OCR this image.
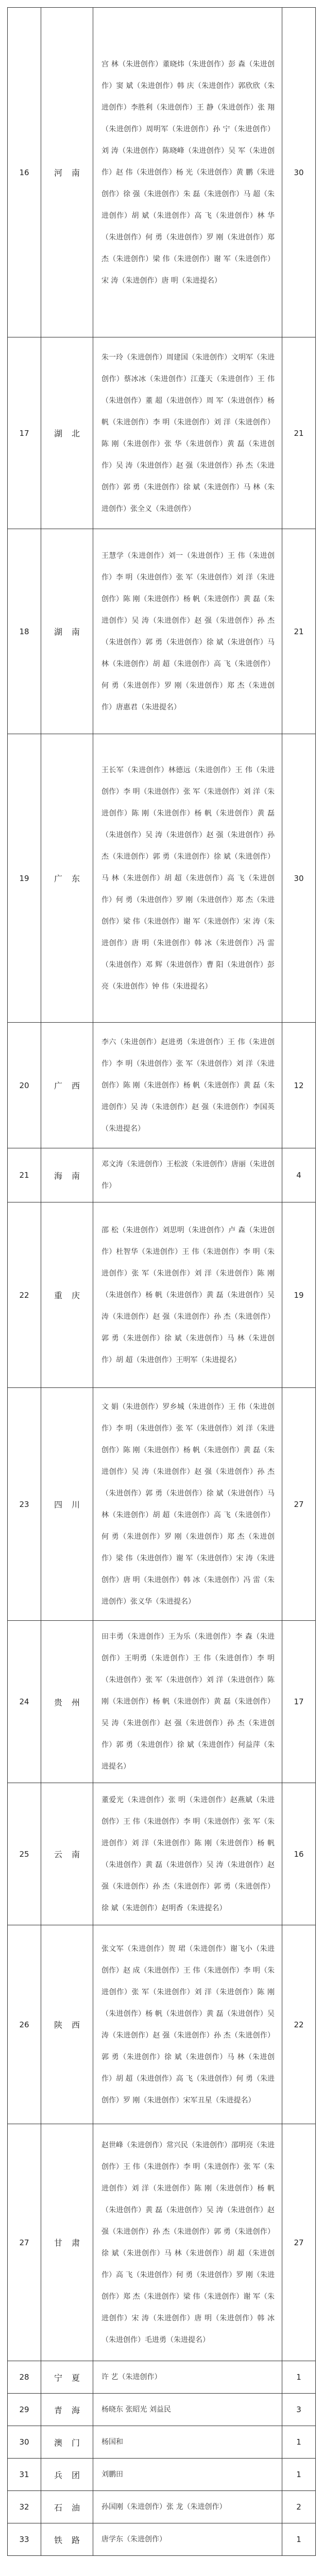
16	河南	宫 林（朱进创作）董晓炜（朱进创作）彭 森（朱进创作）窦 斌（朱进创作）韩 庆（朱进创作）郭欣欣（朱进创作）李胜利（朱进创作）王 静（朱进创作）张 翔（朱进创作）周明军（朱进创作）孙 宁（朱进创作）刘 涛（朱进创作）陈晓峰（朱进创作）吴 军（朱进创作）赵 伟（朱进创作）杨 光（朱进创作）黄 鹏（朱进创作）徐 强（朱进创作）朱 磊（朱进创作）马 超（朱进创作）胡 斌（朱进创作）高 飞（朱进创作）林 华（朱进创作）何 勇（朱进创作）罗 刚（朱进创作）郑 杰（朱进创作）梁 伟（朱进创作）谢 军（朱进创作）宋 涛（朱进创作）唐 明（朱进提名）	30
17	湖北	朱一玲（朱进创作）周建国（朱进创作）文明军（朱进创作）蔡冰冰（朱进创作）江蓬天（朱进创作）王 伟（朱进创作）董 超（朱进创作）周 军（朱进创作）杨 帆（朱进创作）李 明（朱进创作）刘 洋（朱进创作）陈 刚（朱进创作）张 华（朱进创作）黄 磊（朱进创作）吴 涛（朱进创作）赵 强（朱进创作）孙 杰（朱进创作）郭 勇（朱进创作）徐 斌（朱进创作）马 林（朱进创作）张全义（朱进创作）	21
18	湖南	王慧学（朱进创作）刘一（朱进创作）王 伟（朱进创作）李 明（朱进创作）张 军（朱进创作）刘 洋（朱进创作）陈 刚（朱进创作）杨 帆（朱进创作）黄 磊（朱进创作）吴 涛（朱进创作）赵 强（朱进创作）孙 杰（朱进创作）郭 勇（朱进创作）徐 斌（朱进创作）马 林（朱进创作）胡 超（朱进创作）高 飞（朱进创作）何 勇（朱进创作）罗 刚（朱进创作）郑 杰（朱进创作）唐惠君（朱进提名）	21
19	广东	王长军（朱进创作）林德远（朱进创作）王 伟（朱进创作）李 明（朱进创作）张 军（朱进创作）刘 洋（朱进创作）陈 刚（朱进创作）杨 帆（朱进创作）黄 磊（朱进创作）吴 涛（朱进创作）赵 强（朱进创作）孙 杰（朱进创作）郭 勇（朱进创作）徐 斌（朱进创作）马 林（朱进创作）胡 超（朱进创作）高 飞（朱进创作）何 勇（朱进创作）罗 刚（朱进创作）郑 杰（朱进创作）梁 伟（朱进创作）谢 军（朱进创作）宋 涛（朱进创作）唐 明（朱进创作）韩 冰（朱进创作）冯 雷（朱进创作）邓 辉（朱进创作）曹 阳（朱进创作）彭 亮（朱进创作）钟 伟（朱进提名）	30
20	广西	李六（朱进创作）赵进勇（朱进创作）王 伟（朱进创作）李 明（朱进创作）张 军（朱进创作）刘 洋（朱进创作）陈 刚（朱进创作）杨 帆（朱进创作）黄 磊（朱进创作）吴 涛（朱进创作）赵 强（朱进创作）李国英（朱进提名）	12
21	海南	邓文涛（朱进创作）王松波（朱进创作）唐丽（朱进创作）	4
22	重庆	邵 松（朱进创作）刘思明（朱进创作）卢 森（朱进创作）杜智华（朱进创作）王 伟（朱进创作）李 明（朱进创作）张 军（朱进创作）刘 洋（朱进创作）陈 刚（朱进创作）杨 帆（朱进创作）黄 磊（朱进创作）吴 涛（朱进创作）赵 强（朱进创作）孙 杰（朱进创作）郭 勇（朱进创作）徐 斌（朱进创作）马 林（朱进创作）胡 超（朱进创作）王明军（朱进提名）	19
23	四川	文 娟（朱进创作）罗乡城（朱进创作）王 伟（朱进创作）李 明（朱进创作）张 军（朱进创作）刘 洋（朱进创作）陈 刚（朱进创作）杨 帆（朱进创作）黄 磊（朱进创作）吴 涛（朱进创作）赵 强（朱进创作）孙 杰（朱进创作）郭 勇（朱进创作）徐 斌（朱进创作）马 林（朱进创作）胡 超（朱进创作）高 飞（朱进创作）何 勇（朱进创作）罗 刚（朱进创作）郑 杰（朱进创作）梁 伟（朱进创作）谢 军（朱进创作）宋 涛（朱进创作）唐 明（朱进创作）韩 冰（朱进创作）冯 雷（朱进创作）张义华（朱进提名）	27
24	贵州	田丰勇（朱进创作）王为乐（朱进创作）李 森（朱进创作）王明勇（朱进创作）王 伟（朱进创作）李 明（朱进创作）张 军（朱进创作）刘 洋（朱进创作）陈 刚（朱进创作）杨 帆（朱进创作）黄 磊（朱进创作）吴 涛（朱进创作）赵 强（朱进创作）孙 杰（朱进创作）郭 勇（朱进创作）徐 斌（朱进创作）何益萍（朱进提名）	17
25	云南	董爱光（朱进创作）张 明（朱进创作）赵燕斌（朱进创作）王 伟（朱进创作）李 明（朱进创作）张 军（朱进创作）刘 洋（朱进创作）陈 刚（朱进创作）杨 帆（朱进创作）黄 磊（朱进创作）吴 涛（朱进创作）赵 强（朱进创作）孙 杰（朱进创作）郭 勇（朱进创作）徐 斌（朱进创作）赵明香（朱进提名）	16
26	陕西	张文军（朱进创作）贺 珺（朱进创作）谢飞小（朱进创作）赵 成（朱进创作）王 伟（朱进创作）李 明（朱进创作）张 军（朱进创作）刘 洋（朱进创作）陈 刚（朱进创作）杨 帆（朱进创作）黄 磊（朱进创作）吴 涛（朱进创作）赵 强（朱进创作）孙 杰（朱进创作）郭 勇（朱进创作）徐 斌（朱进创作）马 林（朱进创作）胡 超（朱进创作）高 飞（朱进创作）何 勇（朱进创作）罗 刚（朱进创作）宋军丑星（朱进提名）	22
27	甘肃	赵世峰（朱进创作）常兴民（朱进创作）邵明亮（朱进创作）王 伟（朱进创作）李 明（朱进创作）张 军（朱进创作）刘 洋（朱进创作）陈 刚（朱进创作）杨 帆（朱进创作）黄 磊（朱进创作）吴 涛（朱进创作）赵 强（朱进创作）孙 杰（朱进创作）郭 勇（朱进创作）徐 斌（朱进创作）马 林（朱进创作）胡 超（朱进创作）高 飞（朱进创作）何 勇（朱进创作）罗 刚（朱进创作）郑 杰（朱进创作）梁 伟（朱进创作）谢 军（朱进创作）宋 涛（朱进创作）唐 明（朱进创作）韩 冰（朱进创作）毛进勇（朱进提名）	27
28	宁夏	许 艺（朱进创作）	1
29	青海	杨晓东 张昭光 刘益民	3
30	澳门	杨国和	1
31	兵团	刘鹏田	1
32	石油	孙国刚（朱进创作）张 龙（朱进创作）	2
33	铁路	唐学东（朱进创作）	1
